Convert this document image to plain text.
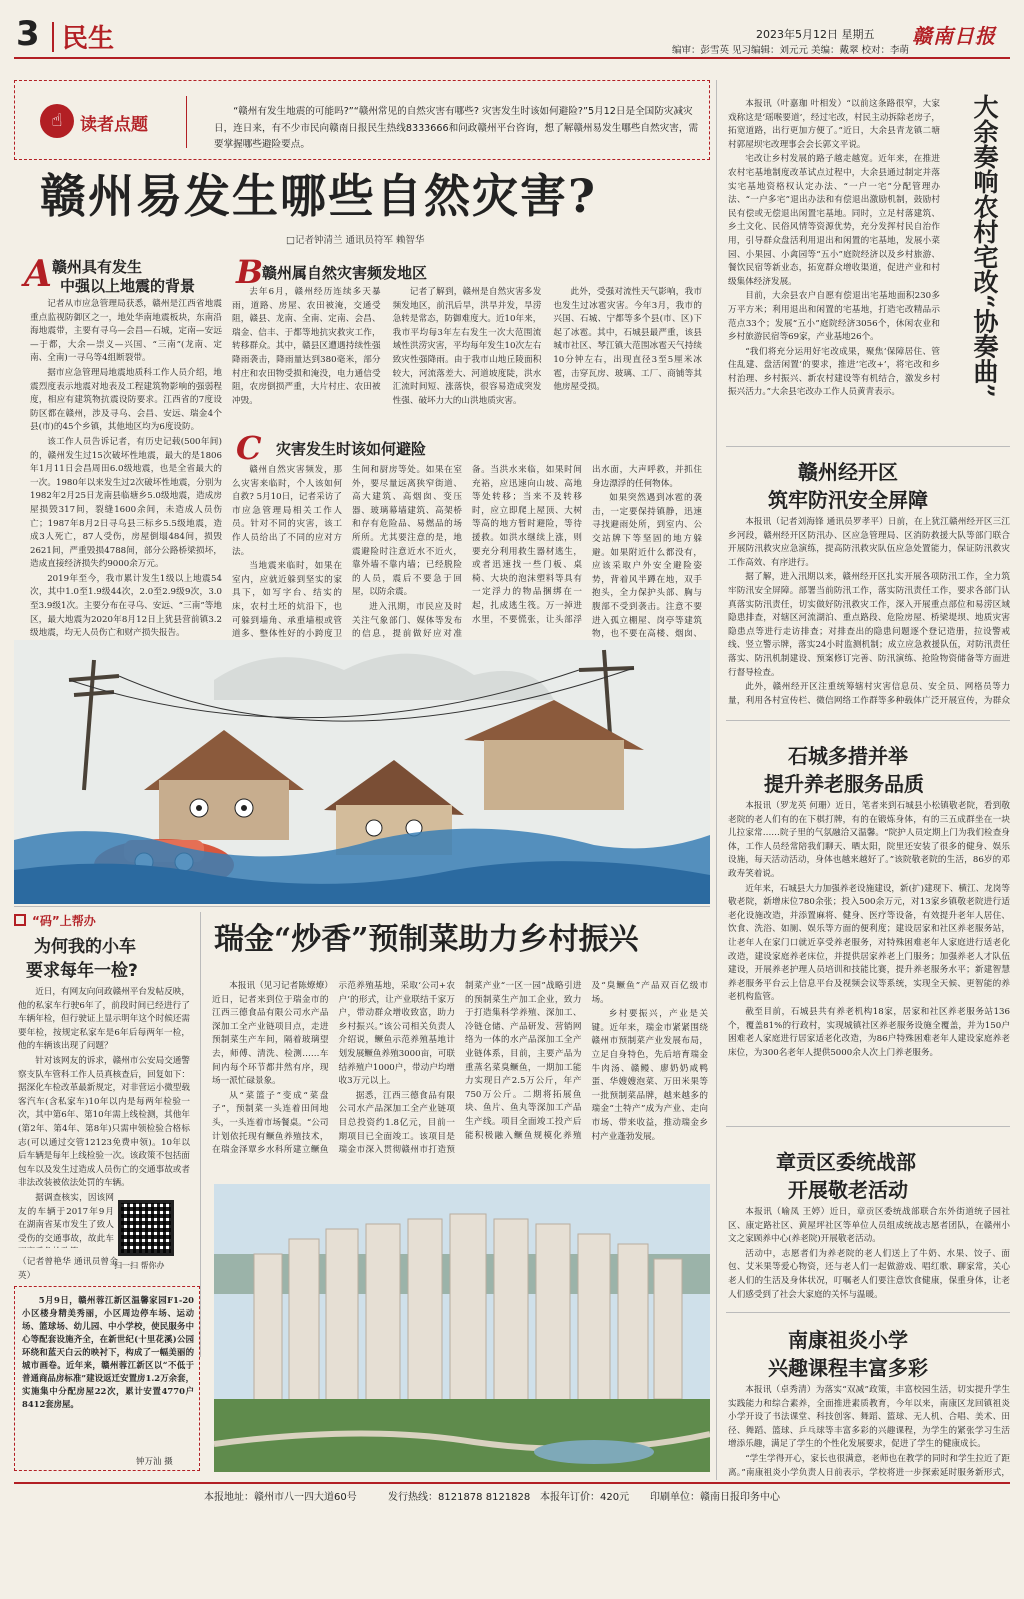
3 民生	2023年5月12日 星期五
编审：彭雪英 见习编辑：刘元元 美编：戴翠 校对：李萌
赣南日报
☝	读者点题
“赣州有发生地震的可能吗?”“赣州常见的自然灾害有哪些? 灾害发生时该如何避险?”5月12日是全国防灾减灾日，连日来，有不少市民向赣南日报民生热线8333666和问政赣州平台咨询，想了解赣州易发生哪些自然灾害，需要掌握哪些避险要点。
赣州易发生哪些自然灾害?
□记者钟清兰 通讯员符军 赖智华
A 赣州具有发生
中强以上地震的背景

记者从市应急管理局获悉，赣州是江西省地震重点监视防御区之一，地处华南地震板块，东南沿海地震带，主要有寻乌—会昌—石城，定南—安远—于都，大余—崇义—兴国、“三南”(龙南、定南、全南)一寻乌等4组断裂带。

据市应急管理局地震地质科工作人员介绍，地震烈度表示地震对地表及工程建筑物影响的强弱程度，相应有建筑物抗震设防要求。江西省的7度设防区都在赣州，涉及寻乌、会昌、安远、瑞金4个县(市)的45个乡镇，其他地区均为6度设防。

该工作人员告诉记者，有历史记载(500年间)的，赣州发生过15次破坏性地震，最大的是1806年1月11日会昌周田6.0级地震，也是全省最大的一次。1980年以来发生过2次破坏性地震，分别为1982年2月25日龙南县临塘乡5.0级地震，造成房屋损毁317间，裂缝1600余间，未造成人员伤亡；1987年8月2日寻乌县三标乡5.5级地震，造成3人死亡，87人受伤，房屋倒塌484间，损毁2621间，严重毁损4788间，部分公路桥梁损坏，造成直接经济损失约9000余万元。

2019年至今，我市累计发生1级以上地震54次，其中1.0至1.9级44次，2.0至2.9级9次，3.0至3.9级1次。主要分布在寻乌、安远、“三南”等地区，最大地震为2020年8月12日上犹县营前镇3.2级地震，均无人员伤亡和财产损失报告。

B
赣州属自然灾害频发地区

去年6月，赣州经历连续多天暴雨，道路、房屋、农田被淹，交通受阻，赣县、龙南、全南、定南、会昌、瑞金、信丰、于都等地抗灾救灾工作，转移群众。其中，赣县区遭遇持续性强降雨袭击，降雨量达到380毫米，部分村庄和农田物受损和淹没，电力通信受阻，农房倒损严重，大片村庄、农田被冲毁。

记者了解到，赣州是自然灾害多发频发地区，前汛后旱，洪旱并发，旱涝急转是常态，防御难度大。近10年来，我市平均每3年左右发生一次大范围流域性洪涝灾害，平均每年发生10次左右致灾性强降雨。由于我市山地丘陵面积较大，河流落差大、河道坡度陡，洪水汇流时间短、涨落快，很容易造成突发性强、破坏力大的山洪地质灾害。

此外，受强对流性天气影响，我市也发生过冰雹灾害。今年3月，我市的兴国、石城、宁都等多个县(市、区)下起了冰雹。其中，石城县最严重，该县城市社区、琴江镇大范围冰雹天气持续10分钟左右，出现直径3至5厘米冰雹，击穿瓦房、玻璃、工厂、商铺等其他房屋受损。

C 灾害发生时该如何避险

赣州自然灾害频发，那么灾害来临时，个人该如何自救? 5月10日，记者采访了市应急管理局相关工作人员。针对不同的灾害，该工作人员给出了不同的应对方法。

当地震来临时，如果在室内，应就近躲到坚实的家具下，如写字台、结实的床，农村土坯的炕沿下，也可躲到墙角、承重墙根或管道多、整体性好的小跨度卫生间和厨房等处。如果在室外，要尽量远离狭窄街道、高大建筑、高烟囱、变压器、玻璃幕墙建筑、高架桥和存有危险品、易燃品的场所所。尤其要注意的是，地震避险时注意近水不近火，靠外墙不靠内墙；已经脱险的人员，震后不要急于回屋，以防余震。

进入汛期，市民应及时关注气象部门、媒体等发布的信息，提前做好应对准备。当洪水来临，如果时间充裕，应迅速向山坡、高地等处转移；当来不及转移时，应立即爬上屋顶、大树等高的地方暂时避险，等待援救。如洪水继续上涨，则要充分利用救生器材逃生，或者迅速找一些门板、桌椅、大块的泡沫塑料等具有一定浮力的物品捆绑在一起，扎成逃生筏。万一掉进水里，不要慌张，让头部浮出水面，大声呼救，并抓住身边漂浮的任何物体。

如果突然遇到冰雹的袭击，一定要保持镇静，迅速寻找避雨处所，到室内、公交站牌下等坚固的地方躲避。如果附近什么都没有，应该采取户外安全避险姿势，背着风半蹲在地，双手抱头，全力保护头部、胸与腹部不受到袭击。注意不要进入孤立棚屋、岗亭等建筑物，也不要在高楼、烟囱、

“码”上帮办
为何我的小车
要求每年一检?

近日，有网友向问政赣州平台发帖反映，他的私家车行驶6年了，前段时间已经进行了车辆年检，但行驶证上显示明年这个时候还需要年检，按规定私家车是6年后每两年一检，他的车辆该出现了问题？

针对该网友的诉求，赣州市公安局交通警察支队车管科工作人员真核查后，回复如下：据深化车检改革最新规定，对非营运小微型载客汽车(含私家车)10年以内是每两年检验一次，其中第6年、第10年需上线检测，其他年(第2年、第4年、第8年)只需申领检验合格标志(可以通过交管12123免费申领)。10年以后车辆是每年上线检验一次。该政策不包括面包车以及发生过造成人员伤亡的交通事故或者非法改装被依法处罚的车辆。

据调查核实，因该网友的车辆于2017年9月在湖南省某市发生了致人受伤的交通事故，故此车

（记者曾艳华 通讯员曾金英）
扫一扫 帮你办
5月9日，赣州蓉江新区温馨家园F1-20小区楼身精美秀丽，小区周边停车场、运动场、篮球场、幼儿园、中小学校，使民服务中心等配套设施齐全，在新世纪(十里花溪)公园环绕和蓝天白云的映衬下，构成了一幅美丽的城市画卷。近年来，赣州蓉江新区以“不低于普通商品房标准”建设返迁安置房1.2万余套，实施集中分配房屋22次，累计安置4770户8412套房屋。
钟万汕 摄
瑞金“炒香”预制菜助力乡村振兴

本报讯（见习记者陈燎燎）近日，记者来到位于瑞金市的江西三德食品有限公司水产品深加工全产业链项目点，走进预制菜生产车间，隔着玻璃望去，师傅、清洗、检测……车间内每个环节都井然有序，现场一派忙碌景象。

从“菜篮子”变成“菜盘子”，预制菜一头连着田间地头，一头连着市场餐桌。“公司计划依托现有鳜鱼养殖技术，在瑞金泽覃乡水科所建立鳜鱼示范养殖基地，采取‘公司+农户’的形式，让产业联结千家万户，带动群众增收致富，助力乡村振兴。”该公司相关负责人介绍说，鳜鱼示范养殖基地计划发展鳜鱼养殖3000亩，可联结养殖户1000户，带动户均增收3万元以上。

据悉，江西三德食品有限公司水产品深加工全产业链项目总投资约1.8亿元，目前一期项目已全面竣工。该项目是瑞金市深入贯彻赣州市打造预制菜产业“一区一园”战略引进的预制菜生产加工企业，致力于打造集科学养殖、深加工、冷链仓储、产品研发、营销网络为一体的水产品深加工全产业链体系，目前，主要产品为重蒸名菜臭鳜鱼，一期加工能力实现日产2.5万公斤，年产750万公斤。二期将拓展鱼块、鱼片、鱼丸等深加工产品生产线。项目全面竣工投产后能积极融入鳜鱼规模化养殖及“臭鳜鱼”产品双百亿级市场。

乡村要振兴，产业是关键。近年来，瑞金市紧紧围绕赣州市预制菜产业发展布局，立足自身特色，先后培育瑞金牛肉汤、赣鳗、廖奶奶咸鸭蛋、华嫂嫂泡菜、万田米果等一批预制菜品牌，越来越多的瑞金“土特产”成为产业、走向市场、带来收益，推动瑞金乡村产业蓬勃发展。

大余奏响农村宅改“协奏曲”

本报讯（叶嘉珈 叶相发）“以前这条路很窄，大家戏称这是‘瑶喉要道’，经过宅改，村民主动拆除老房子，拓宽道路，出行更加方便了。”近日，大余县青龙镇二塘村郭屋坝宅改理事会会长郭文平说。

宅改让乡村发展的路子越走越宽。近年来，在推进农村宅基地制度改革试点过程中，大余县通过制定并落实宅基地资格权认定办法、“一户一宅”分配管理办法、“一户多宅”退出办法和有偿退出激励机制，鼓励村民有偿或无偿退出闲置宅基地。同时，立足村落建筑、乡土文化、民俗风情等资源优势，充分发挥村民自治作用，引导群众盘活利用退出和闲置的宅基地，发展小菜园、小果园、小禽园等“五小”庭院经济以及乡村旅游、餐饮民宿等新业态，拓宽群众增收渠道，促进产业和村级集体经济发展。

目前，大余县农户自愿有偿退出宅基地面积230多万平方米；利用退出和闲置的宅基地，打造宅改精品示范点33个；发展“五小”庭院经济3056个，休闲农业和乡村旅游民宿等69家，产业基地26个。

“我们将充分运用好宅改成果，聚焦‘保障居住、管住乱建、盘活闲置’的要求，推进‘宅改+’，将宅改和乡村治理、乡村振兴、新农村建设等有机结合，激发乡村振兴活力。”大余县宅改办工作人员黄青表示。

赣州经开区
筑牢防汛安全屏障

本报讯（记者刘海锋 通讯员罗孝平）日前，在上犹江赣州经开区三江乡河段，赣州经开区防汛办、区应急管理局、区消防救援大队等部门联合开展防汛救灾应急演练，提高防汛救灾队伍应急处置能力，保证防汛救灾工作高效、有序进行。

据了解，进入汛期以来，赣州经开区扎实开展各项防汛工作，全力筑牢防汛安全屏障。部署当前防汛工作，落实防汛责任工作，要求各部门认真落实防汛责任，切实做好防汛救灾工作，深入开展重点部位和易涝区域隐患排查，对辖区河流湖泊、重点路段、危险房屋、桥梁堤坝、地质灾害隐患点等进行走访排查；对排查出的隐患问题逐个登记造册，拉设警戒线、竖立警示牌，落实24小时监测机制；成立应急救援队伍，对防汛责任落实、防汛机制建设、预案修订完善、防汛演练、抢险物资储备等方面进行督导检查。

此外，赣州经开区注重统筹辖村灾害信息员、安全员、网格员等力量，利用各村宣传栏、微信网络工作群等多种载体广泛开展宣传，为群众

石城多措并举
提升养老服务品质

本报讯（罗龙英 何珊）近日，笔者来到石城县小松镇敬老院，看到敬老院的老人们有的在下棋打牌，有的在锻炼身体，有的三五成群坐在一块儿拉家常……院子里的气氛融洽又温馨。“院护人员定期上门为我们检查身体，工作人员经常陪我们聊天、晒太阳，院里还安装了很多的健身、娱乐设施，每天活动活动，身体也越来越好了。”该院敬老院的生活，86岁的邓政寿笑着说。

近年来，石城县大力加强养老设施建设，新(扩)建现下、横江、龙岗等敬老院，新增床位780余张；投入500余万元，对13家乡镇敬老院进行适老化设施改造，并添置麻将、健身、医疗等设备，有效提升老年人居住、饮食、洗浴、如厕、娱乐等方面的便利度；建设居家和社区养老服务站，让老年人在家门口就近享受养老服务，对特殊困难老年人家庭进行适老化改造，建设家庭养老床位，并提供居家养老上门服务；加强养老人才队伍建设，开展养老护理人员培训和技能比赛，提升养老服务水平；新建智慧养老服务平台云上信息平台及视频会议等系统，实现全天候、更智能的养老机构监管。

截至目前，石城县共有养老机构18家，居家和社区养老服务站136个，覆盖81%的行政村，实现城镇社区养老服务设施全覆盖，并为150户困难老人家庭进行居家适老化改造，为86户特殊困难老年人建设家庭养老床位，为300名老年人提供5000余人次上门养老服务。

章贡区委统战部
开展敬老活动

本报讯（喻凤 王婷）近日，章贡区委统战部联合东外街道统子园社区、康定路社区、黄屋坪社区等单位人员组成统战志愿者团队，在赣州小文之家顾养中心(养老院)开展敬老活动。

活动中，志愿者们为养老院的老人们送上了牛奶、水果、饺子、面包、艾米果等爱心物资，还与老人们一起做游戏、唱红歌、聊家常，关心老人们的生活及身体状况，叮嘱老人们要注意饮食健康，保重身体，让老人们感受到了社会大家庭的关怀与温暖。

南康祖炎小学
兴趣课程丰富多彩

本报讯（卓秀清）为落实“双减”政策，丰富校园生活，切实提升学生实践能力和综合素养，全面推进素质教育，今年以来，南康区龙回镇祖炎小学开设了书法课堂、科技创客、舞蹈、篮球、无人机、合唱、美术、田径、舞蹈、篮球、乒乓球等丰富多彩的兴趣课程，为学生的紧张学习生活增添乐趣，满足了学生的个性化发展要求，促进了学生的健康成长。

“学生学得开心，家长也很满意，老师也在教学的同时和学生拉近了距离。”南康祖炎小学负责人日前表示，学校将进一步探索延时服务新形式，

本报地址：赣州市八一四大道60号	发行热线：8121878 8121828 本报年订价：420元 印刷单位：赣南日报印务中心
